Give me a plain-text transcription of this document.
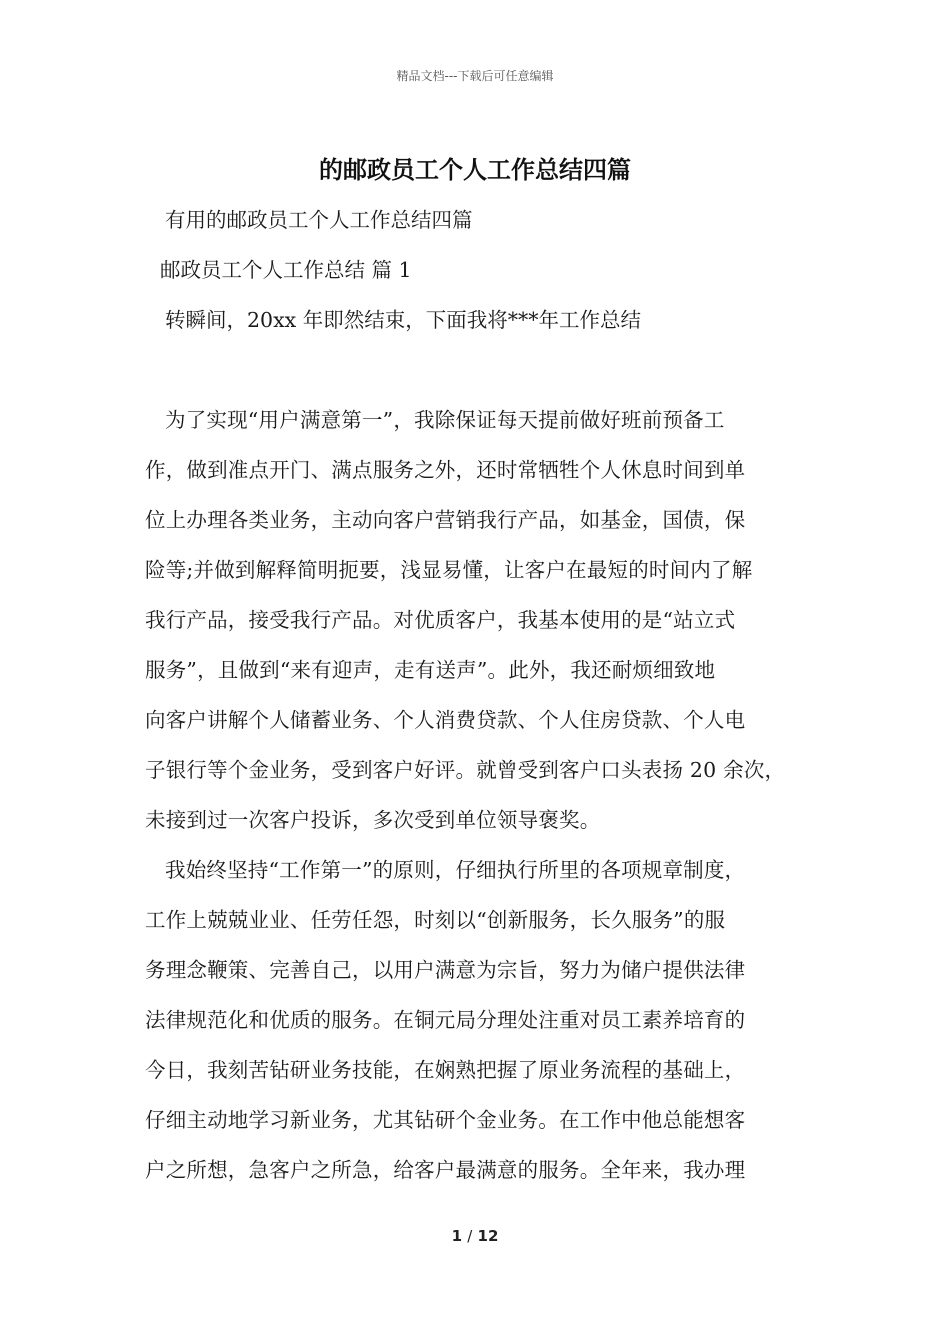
精品文档---下载后可任意编辑
的邮政员工个人工作总结四篇
有用的邮政员工个人工作总结四篇
邮政员工个人工作总结 篇 1
转瞬间，20xx 年即然结束，下面我将***年工作总结
为了实现“用户满意第一”，我除保证每天提前做好班前预备工
作，做到准点开门、满点服务之外，还时常牺牲个人休息时间到单
位上办理各类业务，主动向客户营销我行产品，如基金，国债，保
险等;并做到解释简明扼要，浅显易懂，让客户在最短的时间内了解
我行产品，接受我行产品。对优质客户，我基本使用的是“站立式
服务”，且做到“来有迎声，走有送声”。此外，我还耐烦细致地
向客户讲解个人储蓄业务、个人消费贷款、个人住房贷款、个人电
子银行等个金业务，受到客户好评。就曾受到客户口头表扬 20 余次，
未接到过一次客户投诉，多次受到单位领导褒奖。
我始终坚持“工作第一”的原则，仔细执行所里的各项规章制度，
工作上兢兢业业、任劳任怨，时刻以“创新服务，长久服务”的服
务理念鞭策、完善自己，以用户满意为宗旨，努力为储户提供法律
法律规范化和优质的服务。在铜元局分理处注重对员工素养培育的
今日，我刻苦钻研业务技能，在娴熟把握了原业务流程的基础上，
仔细主动地学习新业务，尤其钻研个金业务。在工作中他总能想客
户之所想，急客户之所急，给客户最满意的服务。全年来，我办理
1 / 12
